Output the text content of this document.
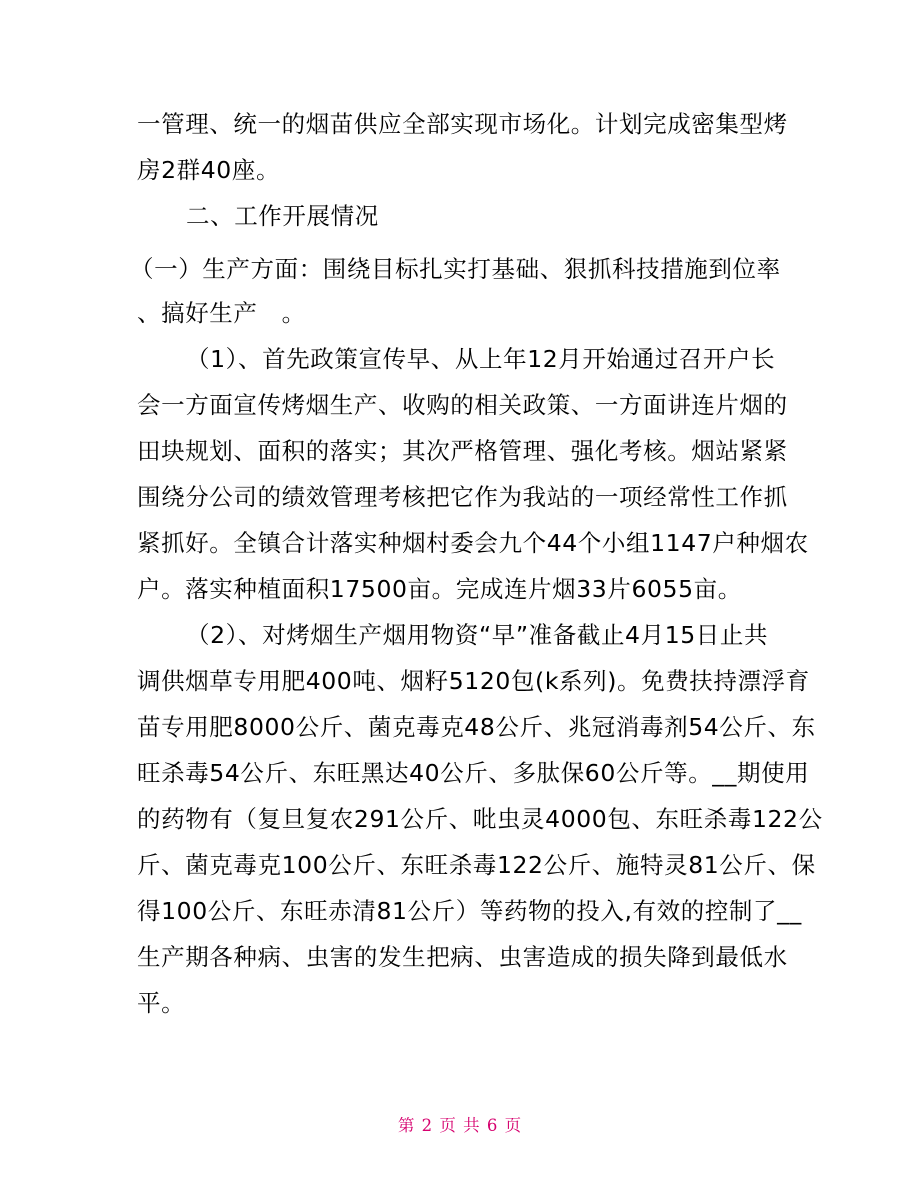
一管理、统一的烟苗供应全部实现市场化。计划完成密集型烤
房2群40座。
二、工作开展情况
（一）生产方面：围绕目标扎实打基础、狠抓科技措施到位率
、搞好生产　。
（1）、首先政策宣传早、从上年12月开始通过召开户长
会一方面宣传烤烟生产、收购的相关政策、一方面讲连片烟的
田块规划、面积的落实；其次严格管理、强化考核。烟站紧紧
围绕分公司的绩效管理考核把它作为我站的一项经常性工作抓
紧抓好。全镇合计落实种烟村委会九个44个小组1147户种烟农
户。落实种植面积17500亩。完成连片烟33片6055亩。
（2）、对烤烟生产烟用物资“早”准备截止4月15日止共
调供烟草专用肥400吨、烟籽5120包(k系列)。免费扶持漂浮育
苗专用肥8000公斤、菌克毒克48公斤、兆冠消毒剂54公斤、东
旺杀毒54公斤、东旺黑达40公斤、多肽保60公斤等。__期使用
的药物有（复旦复农291公斤、吡虫灵4000包、东旺杀毒122公
斤、菌克毒克100公斤、东旺杀毒122公斤、施特灵81公斤、保
得100公斤、东旺赤清81公斤）等药物的投入,有效的控制了__
生产期各种病、虫害的发生把病、虫害造成的损失降到最低水
平。
第 2 页 共 6 页
